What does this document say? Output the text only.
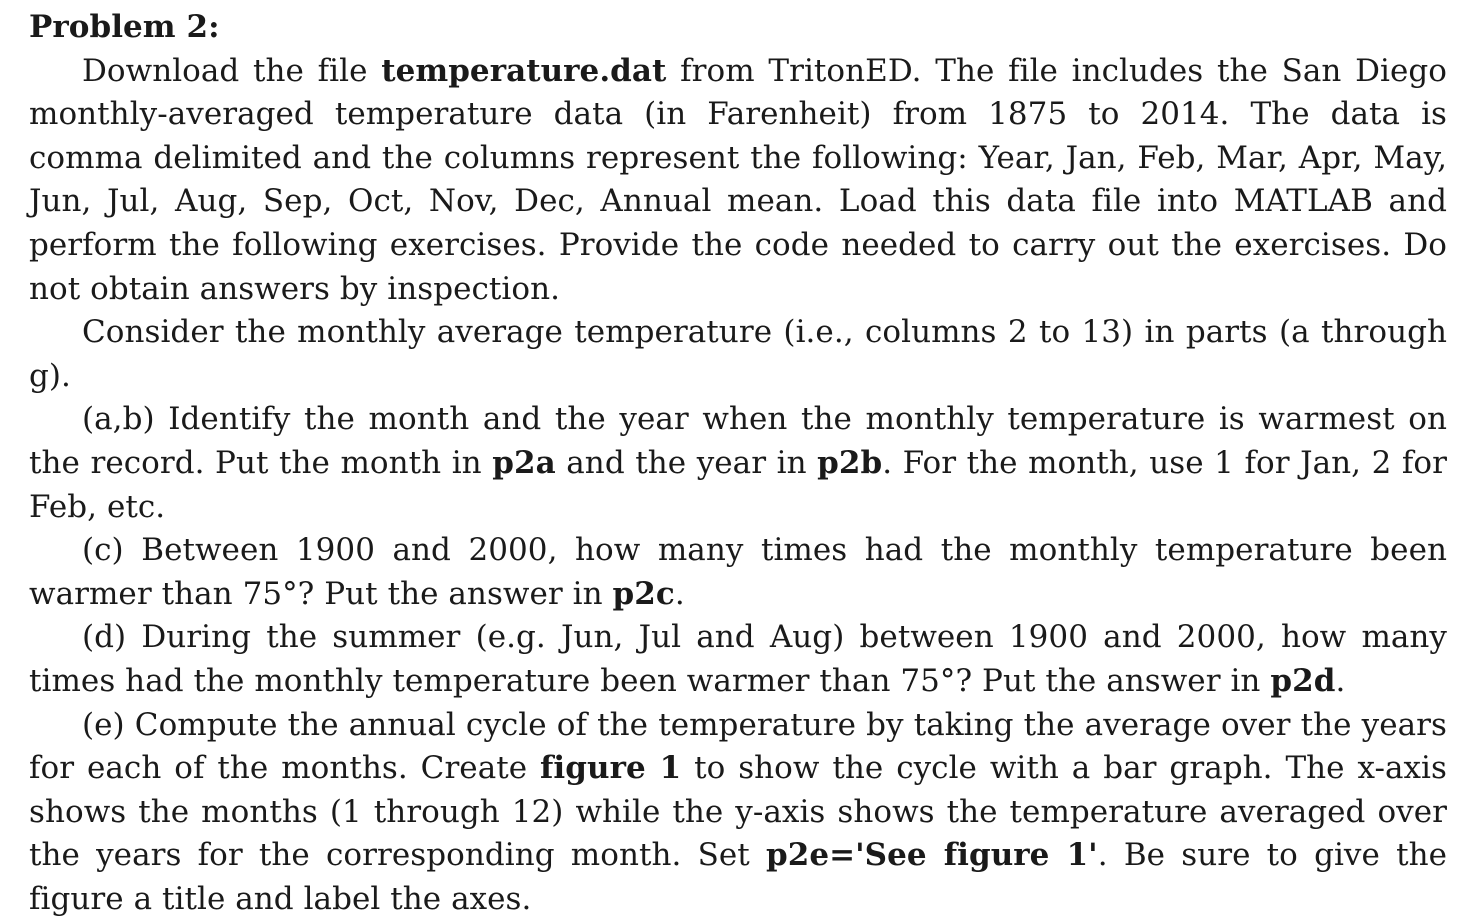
Problem 2:

Download the file temperature.dat from TritonED. The file includes the San Diego monthly-averaged temperature data (in Farenheit) from 1875 to 2014. The data is comma delimited and the columns represent the following: Year, Jan, Feb, Mar, Apr, May, Jun, Jul, Aug, Sep, Oct, Nov, Dec, Annual mean. Load this data file into MATLAB and perform the following exercises. Provide the code needed to carry out the exercises. Do not obtain answers by inspection.

Consider the monthly average temperature (i.e., columns 2 to 13) in parts (a through g).

(a,b) Identify the month and the year when the monthly temperature is warmest on the record. Put the month in p2a and the year in p2b. For the month, use 1 for Jan, 2 for Feb, etc.

(c) Between 1900 and 2000, how many times had the monthly temperature been warmer than 75°? Put the answer in p2c.

(d) During the summer (e.g. Jun, Jul and Aug) between 1900 and 2000, how many times had the monthly temperature been warmer than 75°? Put the answer in p2d.

(e) Compute the annual cycle of the temperature by taking the average over the years for each of the months. Create figure 1 to show the cycle with a bar graph. The x-axis shows the months (1 through 12) while the y-axis shows the temperature averaged over the years for the corresponding month. Set p2e='See figure 1'. Be sure to give the figure a title and label the axes.
